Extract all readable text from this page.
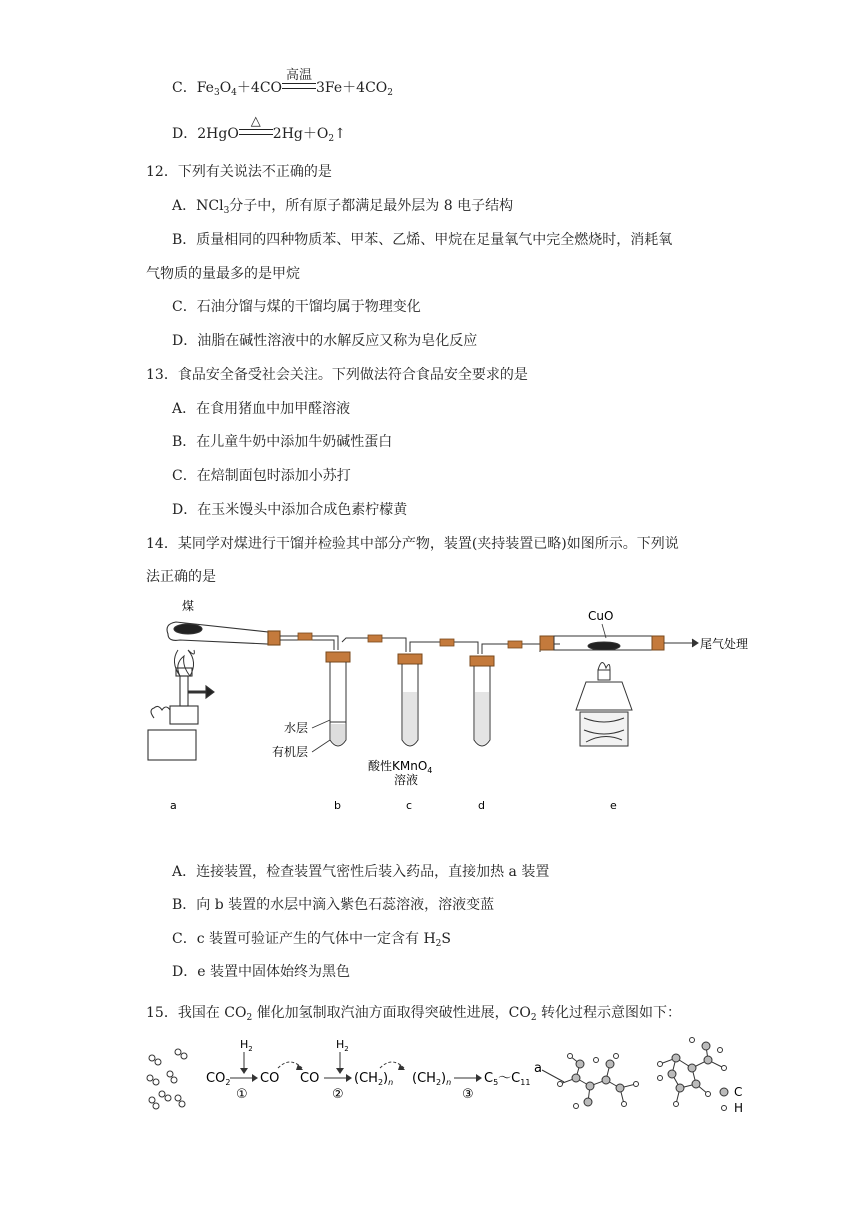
C．$Fe_3O_4+4CO$
高温
$3Fe+4CO_2$
D．2HgO
△
$2Hg+O_2↑$
12．下列有关说法不正确的是
A．NCl$_3$分子中，所有原子都满足最外层为 8 电子结构
B．质量相同的四种物质苯、甲苯、乙烯、甲烷在足量氧气中完全燃烧时，消耗氧
气物质的量最多的是甲烷
C．石油分馏与煤的干馏均属于物理变化
D．油脂在碱性溶液中的水解反应又称为皂化反应
13．食品安全备受社会关注。下列做法符合食品安全要求的是
A．在食用猪血中加甲醛溶液
B．在儿童牛奶中添加牛奶碱性蛋白
C．在焙制面包时添加小苏打
D．在玉米馒头中添加合成色素柠檬黄
14．某同学对煤进行干馏并检验其中部分产物，装置(夹持装置已略)如图所示。下列说
法正确的是
煤
水层
有机层
酸性KMnO$_4$
溶液
CuO
尾气处理
a	b	c	d	e
A．连接装置，检查装置气密性后装入药品，直接加热 a 装置
B．向 b 装置的水层中滴入紫色石蕊溶液，溶液变蓝
C．c 装置可验证产生的气体中一定含有 $H_2S$
D．e 装置中固体始终为黑色
15．我国在 $CO_2$ 催化加氢制取汽油方面取得突破性进展，$CO_2$ 转化过程示意图如下：
$CO_2$
$H_2$
①
CO CO
$H_2$
②
$(CH_2)_n$ $(CH_2)_n$
③
$C_5\sim C_{11}$
a
C
H
